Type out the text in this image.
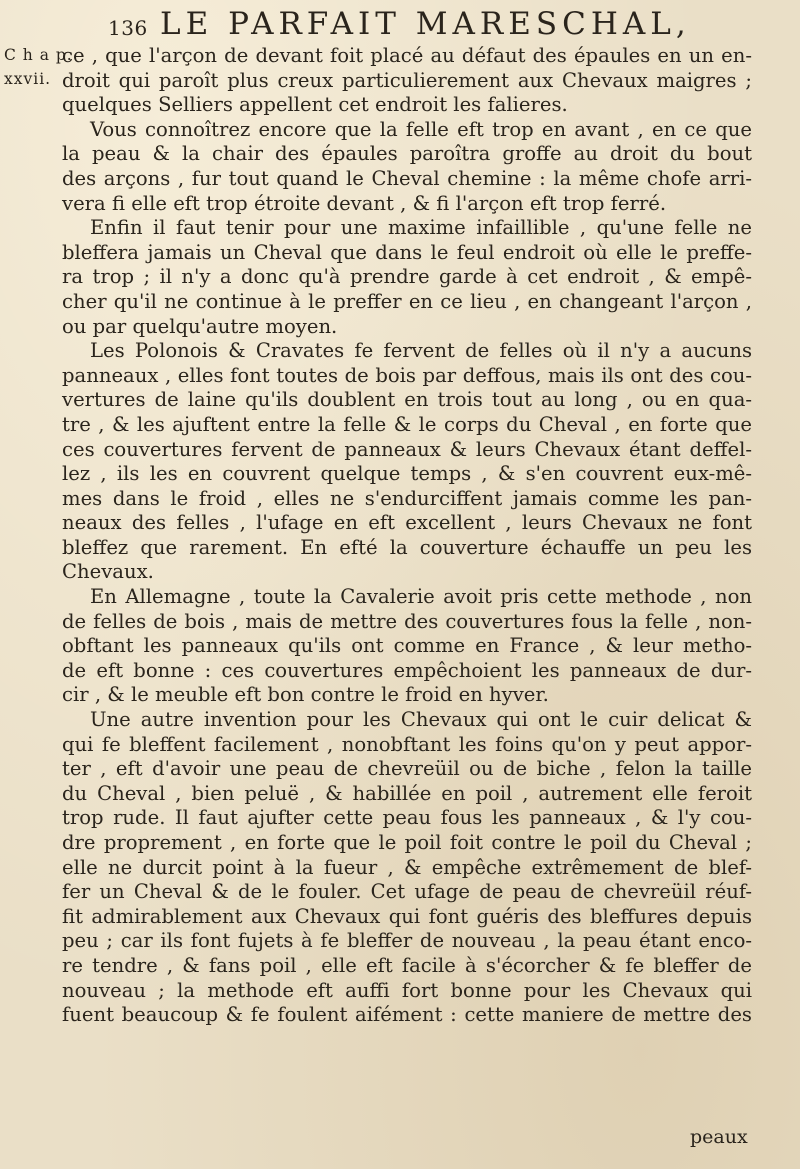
136 LE PARFAIT MARESCHAL,
C h a p.
xxvii.
ce , que l'arçon de devant foit placé au défaut des épaules en un en-
droit qui paroît plus creux particulierement aux Chevaux maigres ;
quelques Selliers appellent cet endroit les falieres.
Vous connoîtrez encore que la felle eft trop en avant , en ce que
la peau & la chair des épaules paroîtra groffe au droit du bout
des arçons , fur tout quand le Cheval chemine : la même chofe arri-
vera fi elle eft trop étroite devant , & fi l'arçon eft trop ferré.
Enfin il faut tenir pour une maxime infaillible , qu'une felle ne
bleffera jamais un Cheval que dans le feul endroit où elle le preffe-
ra trop ; il n'y a donc qu'à prendre garde à cet endroit , & empê-
cher qu'il ne continue à le preffer en ce lieu , en changeant l'arçon ,
ou par quelqu'autre moyen.
Les Polonois & Cravates fe fervent de felles où il n'y a aucuns
panneaux , elles font toutes de bois par deffous, mais ils ont des cou-
vertures de laine qu'ils doublent en trois tout au long , ou en qua-
tre , & les ajuftent entre la felle & le corps du Cheval , en forte que
ces couvertures fervent de panneaux & leurs Chevaux étant deffel-
lez , ils les en couvrent quelque temps , & s'en couvrent eux-mê-
mes dans le froid , elles ne s'endurciffent jamais comme les pan-
neaux des felles , l'ufage en eft excellent , leurs Chevaux ne font
bleffez que rarement. En efté la couverture échauffe un peu les
Chevaux.
En Allemagne , toute la Cavalerie avoit pris cette methode , non
de felles de bois , mais de mettre des couvertures fous la felle , non-
obftant les panneaux qu'ils ont comme en France , & leur metho-
de eft bonne : ces couvertures empêchoient les panneaux de dur-
cir , & le meuble eft bon contre le froid en hyver.
Une autre invention pour les Chevaux qui ont le cuir delicat &
qui fe bleffent facilement , nonobftant les foins qu'on y peut appor-
ter , eft d'avoir une peau de chevreüil ou de biche , felon la taille
du Cheval , bien peluë , & habillée en poil , autrement elle feroit
trop rude. Il faut ajufter cette peau fous les panneaux , & l'y cou-
dre proprement , en forte que le poil foit contre le poil du Cheval ;
elle ne durcit point à la fueur , & empêche extrêmement de blef-
fer un Cheval & de le fouler. Cet ufage de peau de chevreüil réuf-
fit admirablement aux Chevaux qui font guéris des bleffures depuis
peu ; car ils font fujets à fe bleffer de nouveau , la peau étant enco-
re tendre , & fans poil , elle eft facile à s'écorcher & fe bleffer de
nouveau ; la methode eft auffi fort bonne pour les Chevaux qui
fuent beaucoup & fe foulent aifément : cette maniere de mettre des
peaux
